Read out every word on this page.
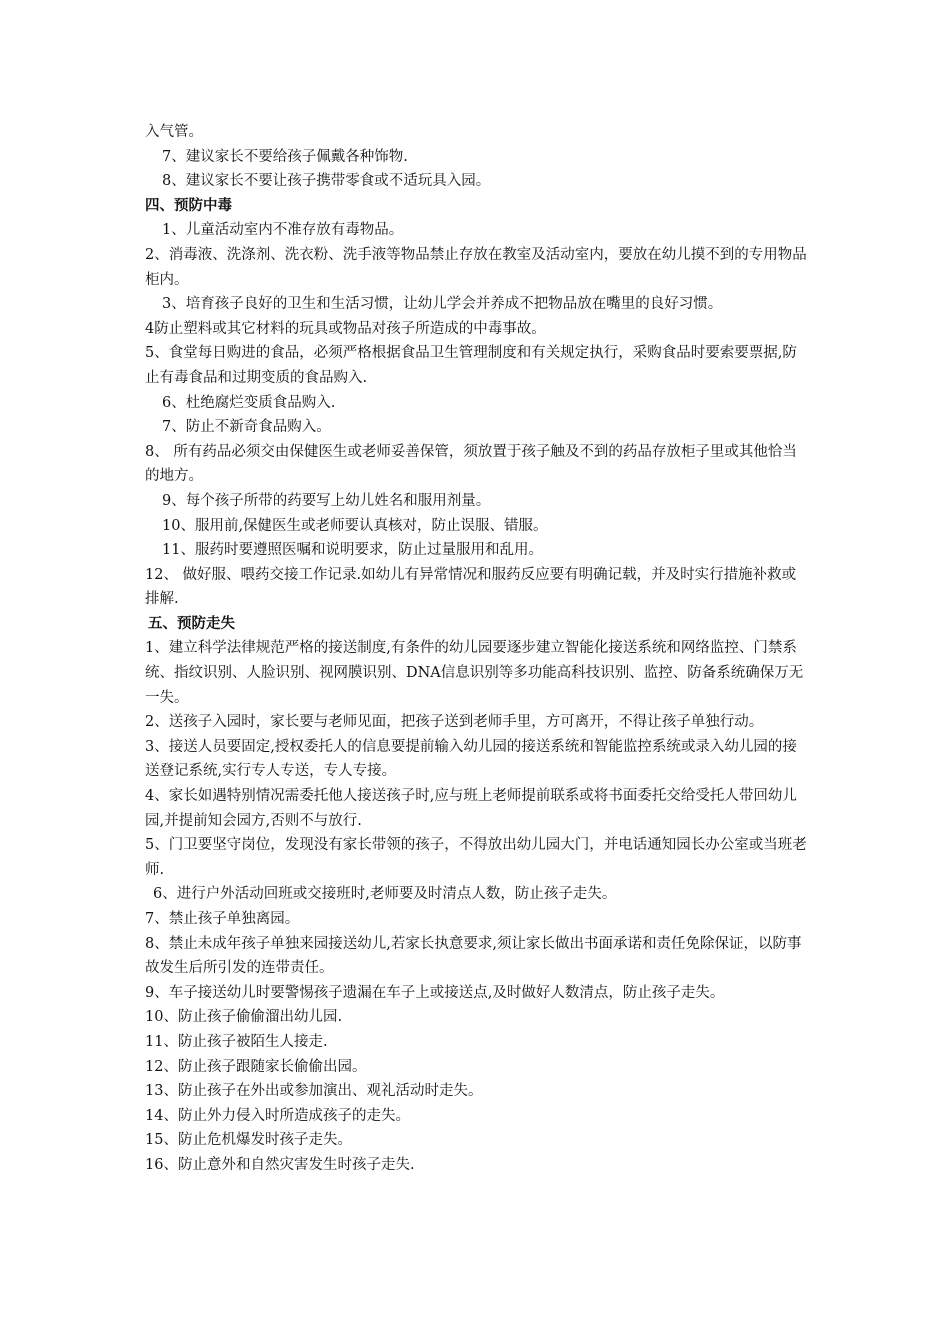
入气管。

7、建议家长不要给孩子佩戴各种饰物.

8、建议家长不要让孩子携带零食或不适玩具入园。

四、预防中毒

1、儿童活动室内不准存放有毒物品。

2、消毒液、洗涤剂、洗衣粉、洗手液等物品禁止存放在教室及活动室内，要放在幼儿摸不到的专用物品柜内。

3、培育孩子良好的卫生和生活习惯，让幼儿学会并养成不把物品放在嘴里的良好习惯。

4防止塑料或其它材料的玩具或物品对孩子所造成的中毒事故。

5、食堂每日购进的食品，必须严格根据食品卫生管理制度和有关规定执行，采购食品时要索要票据,防止有毒食品和过期变质的食品购入.

6、杜绝腐烂变质食品购入.

7、防止不新奇食品购入。

8、 所有药品必须交由保健医生或老师妥善保管，须放置于孩子触及不到的药品存放柜子里或其他恰当的地方。

9、每个孩子所带的药要写上幼儿姓名和服用剂量。

10、服用前,保健医生或老师要认真核对，防止误服、错服。

11、服药时要遵照医嘱和说明要求，防止过量服用和乱用。

12、 做好服、喂药交接工作记录.如幼儿有异常情况和服药反应要有明确记载，并及时实行措施补救或排解.

五、预防走失

1、建立科学法律规范严格的接送制度,有条件的幼儿园要逐步建立智能化接送系统和网络监控、门禁系统、指纹识别、人脸识别、视网膜识别、DNA信息识别等多功能高科技识别、监控、防备系统确保万无一失。

2、送孩子入园时，家长要与老师见面，把孩子送到老师手里，方可离开，不得让孩子单独行动。

3、接送人员要固定,授权委托人的信息要提前输入幼儿园的接送系统和智能监控系统或录入幼儿园的接送登记系统,实行专人专送，专人专接。

4、家长如遇特别情况需委托他人接送孩子时,应与班上老师提前联系或将书面委托交给受托人带回幼儿园,并提前知会园方,否则不与放行.

5、门卫要坚守岗位，发现没有家长带领的孩子，不得放出幼儿园大门，并电话通知园长办公室或当班老师.

6、进行户外活动回班或交接班时,老师要及时清点人数，防止孩子走失。

7、禁止孩子单独离园。

8、禁止未成年孩子单独来园接送幼儿,若家长执意要求,须让家长做出书面承诺和责任免除保证，以防事故发生后所引发的连带责任。

9、车子接送幼儿时要警惕孩子遗漏在车子上或接送点,及时做好人数清点，防止孩子走失。

10、防止孩子偷偷溜出幼儿园.

11、防止孩子被陌生人接走.

12、防止孩子跟随家长偷偷出园。

13、防止孩子在外出或参加演出、观礼活动时走失。

14、防止外力侵入时所造成孩子的走失。

15、防止危机爆发时孩子走失。

16、防止意外和自然灾害发生时孩子走失.
